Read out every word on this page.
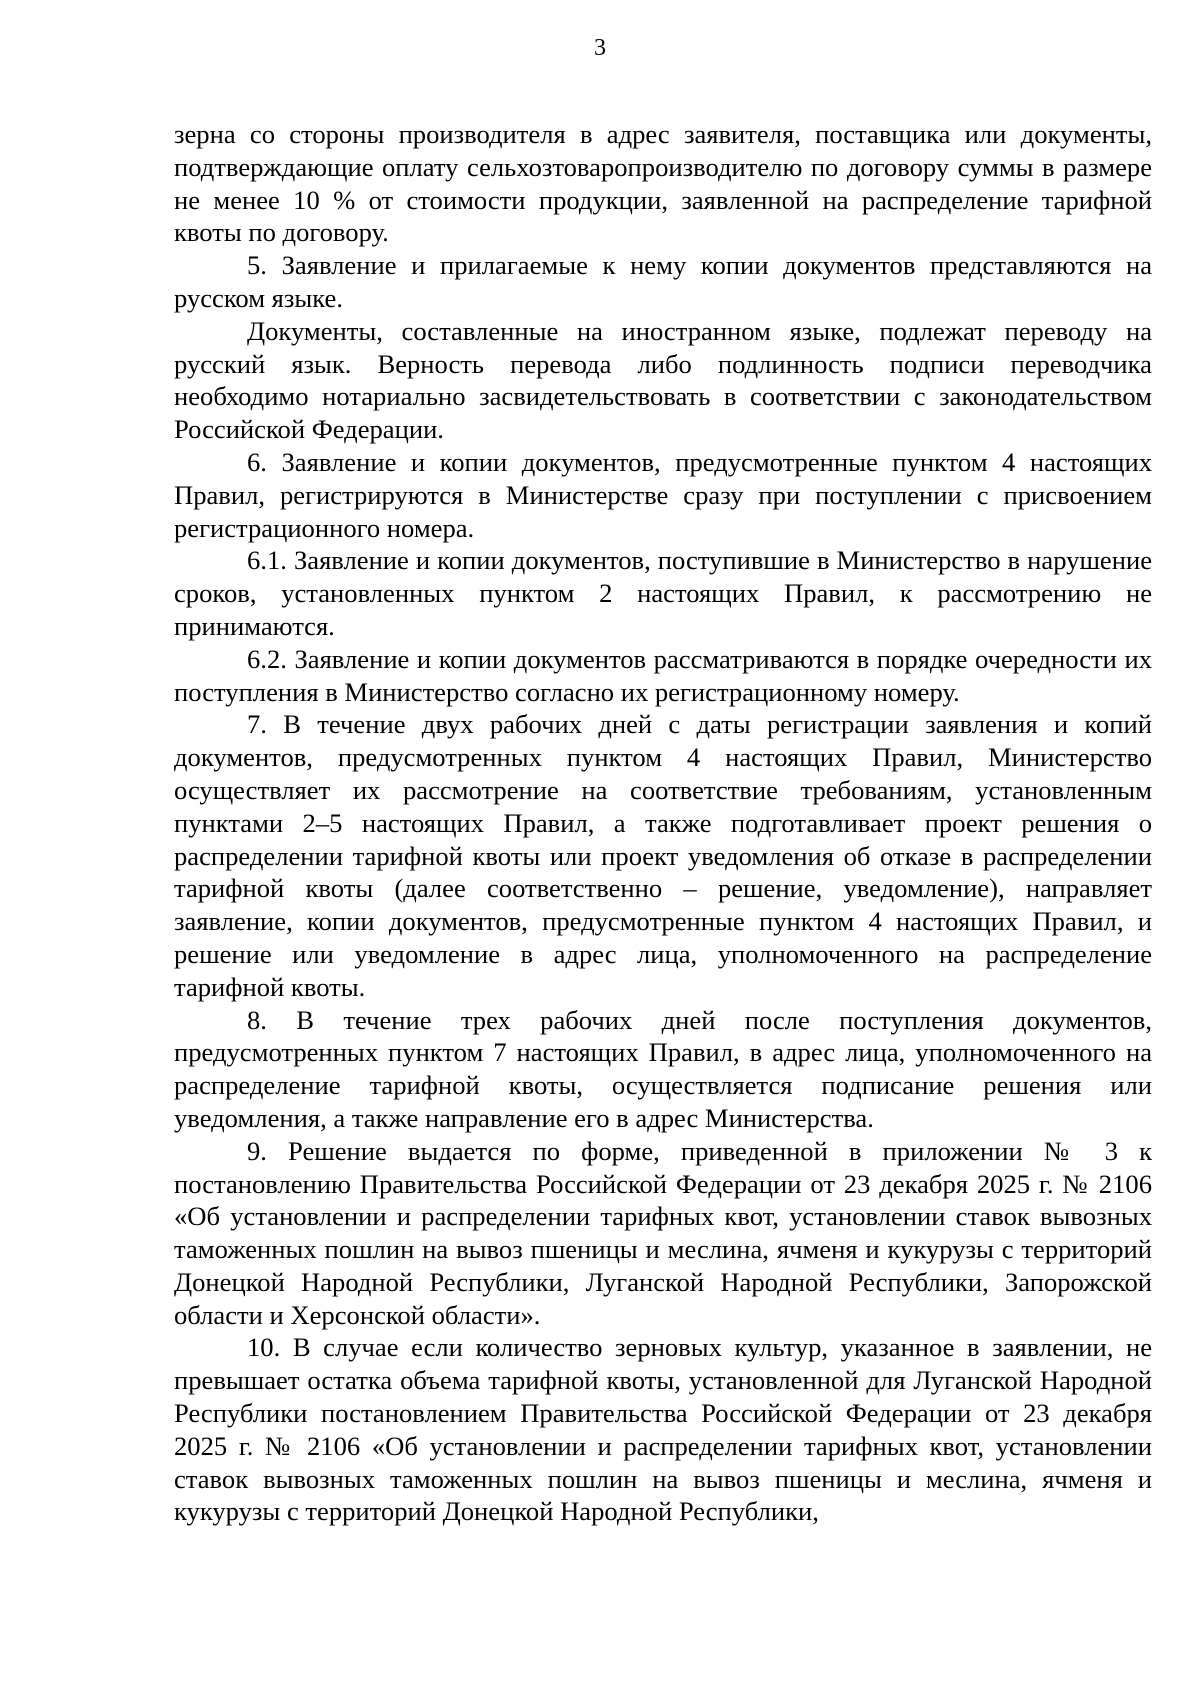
3

зерна со стороны производителя в адрес заявителя, поставщика или документы, подтверждающие оплату сельхозтоваропроизводителю по договору суммы в размере не менее 10 % от стоимости продукции, заявленной на распределение тарифной квоты по договору.

5. Заявление и прилагаемые к нему копии документов представляются на русском языке.

Документы, составленные на иностранном языке, подлежат переводу на русский язык. Верность перевода либо подлинность подписи переводчика необходимо нотариально засвидетельствовать в соответствии с законодательством Российской Федерации.

6. Заявление и копии документов, предусмотренные пунктом 4 настоящих Правил, регистрируются в Министерстве сразу при поступлении с присвоением регистрационного номера.

6.1. Заявление и копии документов, поступившие в Министерство в нарушение сроков, установленных пунктом 2 настоящих Правил, к рассмотрению не принимаются.

6.2. Заявление и копии документов рассматриваются в порядке очередности их поступления в Министерство согласно их регистрационному номеру.

7. В течение двух рабочих дней с даты регистрации заявления и копий документов, предусмотренных пунктом 4 настоящих Правил, Министерство осуществляет их рассмотрение на соответствие требованиям, установленным пунктами 2–5 настоящих Правил, а также подготавливает проект решения о распределении тарифной квоты или проект уведомления об отказе в распределении тарифной квоты (далее соответственно – решение, уведомление), направляет заявление, копии документов, предусмотренные пунктом 4 настоящих Правил, и решение или уведомление в адрес лица, уполномоченного на распределение тарифной квоты.

8. В течение трех рабочих дней после поступления документов, предусмотренных пунктом 7 настоящих Правил, в адрес лица, уполномоченного на распределение тарифной квоты, осуществляется подписание решения или уведомления, а также направление его в адрес Министерства.

9. Решение выдается по форме, приведенной в приложении № 3 к постановлению Правительства Российской Федерации от 23 декабря 2025 г. № 2106 «Об установлении и распределении тарифных квот, установлении ставок вывозных таможенных пошлин на вывоз пшеницы и меслина, ячменя и кукурузы с территорий Донецкой Народной Республики, Луганской Народной Республики, Запорожской области и Херсонской области».

10. В случае если количество зерновых культур, указанное в заявлении, не превышает остатка объема тарифной квоты, установленной для Луганской Народной Республики постановлением Правительства Российской Федерации от 23 декабря 2025 г. № 2106 «Об установлении и распределении тарифных квот, установлении ставок вывозных таможенных пошлин на вывоз пшеницы и меслина, ячменя и кукурузы с территорий Донецкой Народной Республики,
